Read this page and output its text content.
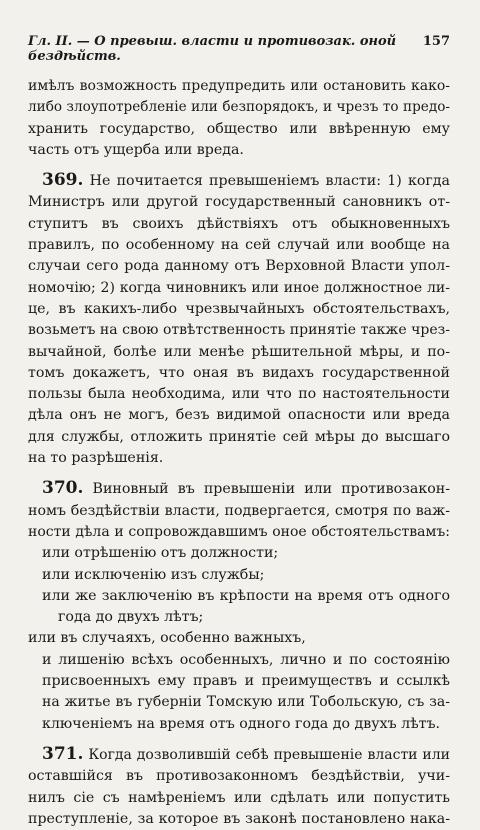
Гл. II. — О превыш. власти и противозак. оной бездѣйств.
157
имѣлъ возможность предупредить или остановить како-
либо злоупотребленіе или безпорядокъ, и чрезъ то предо-
хранить государство, общество или ввѣренную ему
часть отъ ущерба или вреда.
369. Не почитается превышеніемъ власти: 1) когда
Министръ или другой государственный сановникъ от-
ступитъ въ своихъ дѣйствіяхъ отъ обыкновенныхъ
правилъ, по особенному на сей случай или вообще на
случаи сего рода данному отъ Верховной Власти упол-
номочію; 2) когда чиновникъ или иное должностное ли-
це, въ какихъ-либо чрезвычайныхъ обстоятельствахъ,
возьметъ на свою отвѣтственность принятіе также чрез-
вычайной, болѣе или менѣе рѣшительной мѣры, и по-
томъ докажетъ, что оная въ видахъ государственной
пользы была необходима, или что по настоятельности
дѣла онъ не могъ, безъ видимой опасности или вреда
для службы, отложить принятіе сей мѣры до высшаго
на то разрѣшенія.
370. Виновный въ превышеніи или противозакон-
номъ бездѣйствіи власти, подвергается, смотря по важ-
ности дѣла и сопровождавшимъ оное обстоятельствамъ:
или отрѣшенію отъ должности;
или исключенію изъ службы;
или же заключенію въ крѣпости на время отъ одного
года до двухъ лѣтъ;
или въ случаяхъ, особенно важныхъ,
и лишенію всѣхъ особенныхъ, лично и по состоянію
присвоенныхъ ему правъ и преимуществъ и ссылкѣ
на житье въ губерніи Томскую или Тобольскую, съ за-
ключеніемъ на время отъ одного года до двухъ лѣтъ.
371. Когда дозволившій себѣ превышеніе власти или
оставшійся въ противозаконномъ бездѣйствіи, учи-
нилъ сіе съ намѣреніемъ или сдѣлать или попустить
преступленіе, за которое въ законѣ постановлено нака-
